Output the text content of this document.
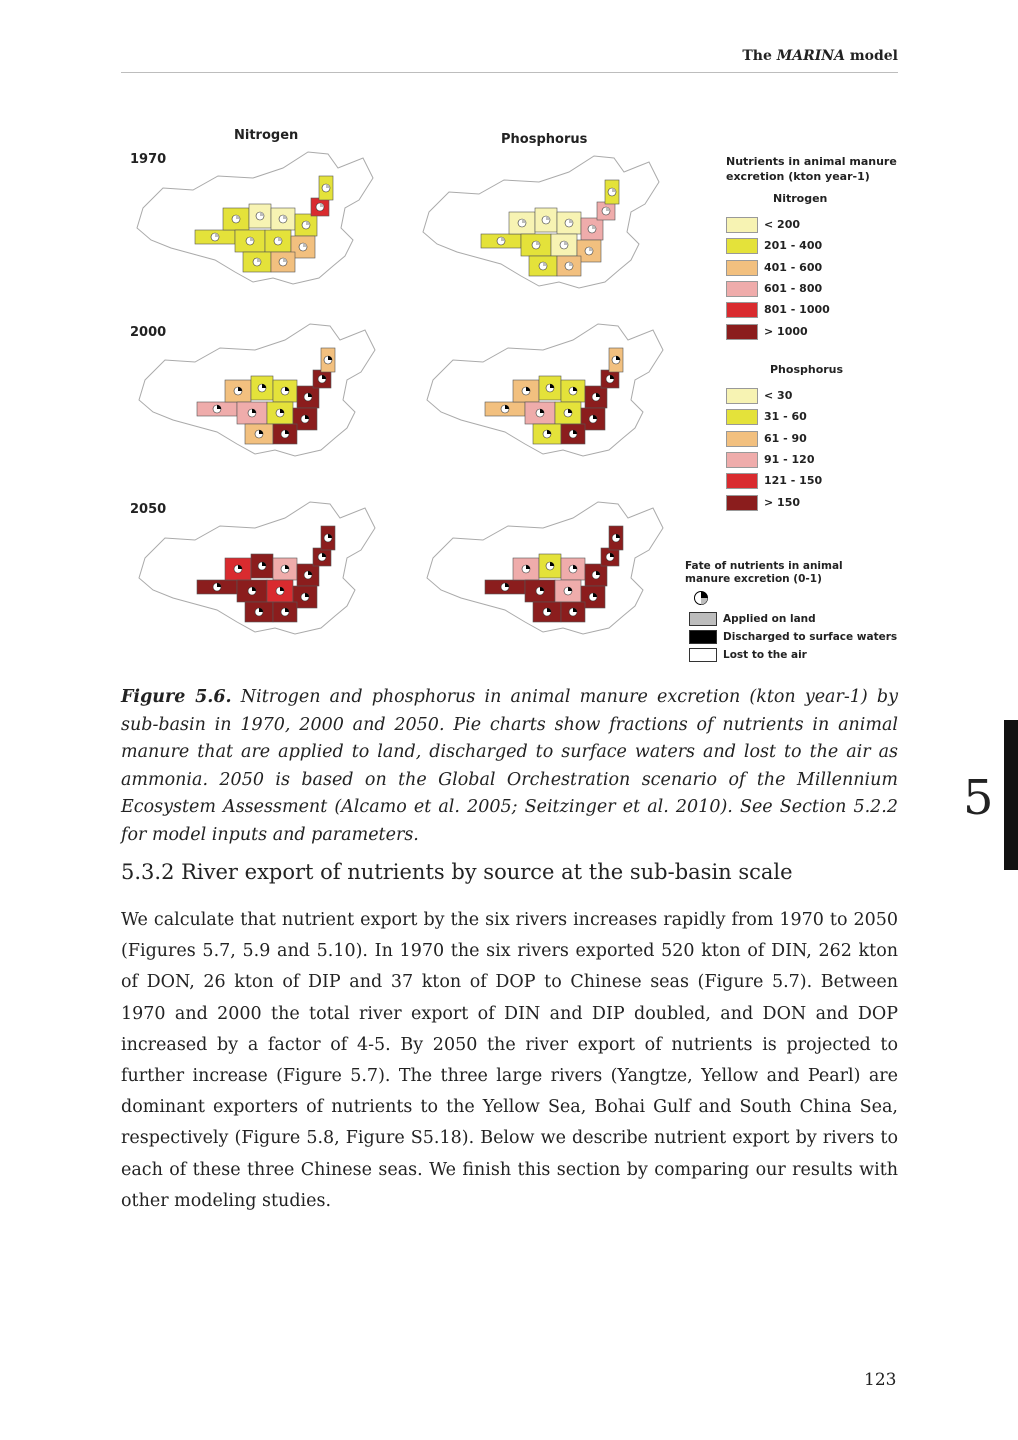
The MARINA model
Nitrogen	Phosphorus
1970
2000
2050
Nutrients in animal manure
excretion (kton year-1)
Nitrogen
< 200
201 - 400
401 - 600
601 - 800
801 - 1000
> 1000
Phosphorus
< 30
31 - 60
61 - 90
91 - 120
121 - 150
> 150
Fate of nutrients in animal
manure excretion (0-1)
Applied on land
Discharged to surface waters
Lost to the air
Figure 5.6. Nitrogen and phosphorus in animal manure excretion (kton year-1) by sub-basin in 1970, 2000 and 2050. Pie charts show fractions of nutrients in animal manure that are applied to land, discharged to surface waters and lost to the air as ammonia. 2050 is based on the Global Orchestration scenario of the Millennium Ecosystem Assessment (Alcamo et al. 2005; Seitzinger et al. 2010). See Section 5.2.2 for model inputs and parameters.
5.3.2 River export of nutrients by source at the sub-basin scale
We calculate that nutrient export by the six rivers increases rapidly from 1970 to 2050 (Figures 5.7, 5.9 and 5.10). In 1970 the six rivers exported 520 kton of DIN, 262 kton of DON, 26 kton of DIP and 37 kton of DOP to Chinese seas (Figure 5.7). Between 1970 and 2000 the total river export of DIN and DIP doubled, and DON and DOP increased by a factor of 4-5. By 2050 the river export of nutrients is projected to further increase (Figure 5.7). The three large rivers (Yangtze, Yellow and Pearl) are dominant exporters of nutrients to the Yellow Sea, Bohai Gulf and South China Sea, respectively (Figure 5.8, Figure S5.18). Below we describe nutrient export by rivers to each of these three Chinese seas. We finish this section by comparing our results with other modeling studies.
5
123
